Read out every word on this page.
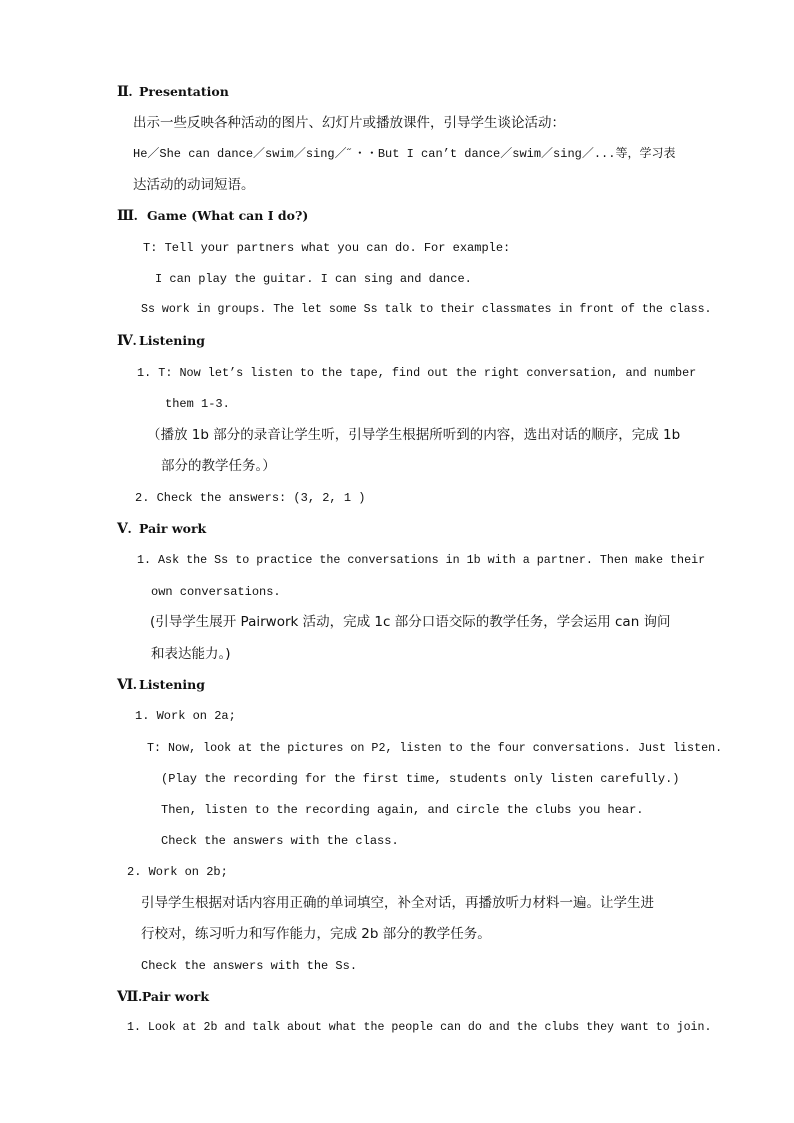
Ⅱ. Presentation
出示一些反映各种活动的图片、幻灯片或播放课件，引导学生谈论活动：
He／She can dance／swim／sing／˝・・But I can’t dance／swim／sing／...等，学习表
达活动的动词短语。
Ⅲ. Game (What can I do?)
T: Tell your partners what you can do. For example:
I can play the guitar. I can sing and dance.
Ss work in groups. The let some Ss talk to their classmates in front of the class.
Ⅳ. Listening
1. T: Now let’s listen to the tape, find out the right conversation, and number
them 1-3.
（播放 1b 部分的录音让学生听，引导学生根据所听到的内容，选出对话的顺序，完成 1b
部分的教学任务。）
2. Check the answers: (3, 2, 1 )
Ⅴ. Pair work
1. Ask the Ss to practice the conversations in 1b with a partner. Then make their
own conversations.
(引导学生展开 Pairwork 活动，完成 1c 部分口语交际的教学任务，学会运用 can 询问
和表达能力。)
Ⅵ. Listening
1. Work on 2a;
T: Now, look at the pictures on P2, listen to the four conversations. Just listen.
(Play the recording for the first time, students only listen carefully.)
Then, listen to the recording again, and circle the clubs you hear.
Check the answers with the class.
2. Work on 2b;
引导学生根据对话内容用正确的单词填空，补全对话，再播放听力材料一遍。让学生进
行校对，练习听力和写作能力，完成 2b 部分的教学任务。
Check the answers with the Ss.
Ⅶ.Pair work
1. Look at 2b and talk about what the people can do and the clubs they want to join.
